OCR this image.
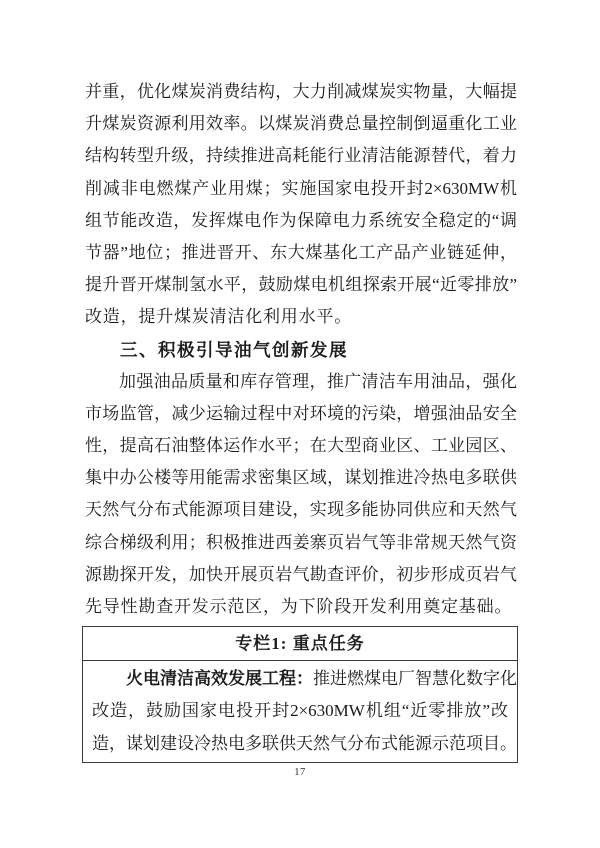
并重，优化煤炭消费结构，大力削减煤炭实物量，大幅提
升煤炭资源利用效率。以煤炭消费总量控制倒逼重化工业
结构转型升级，持续推进高耗能行业清洁能源替代，着力
削减非电燃煤产业用煤；实施国家电投开封2×630MW机
组节能改造，发挥煤电作为保障电力系统安全稳定的“调
节器”地位；推进晋开、东大煤基化工产品产业链延伸，
提升晋开煤制氢水平，鼓励煤电机组探索开展“近零排放”
改造，提升煤炭清洁化利用水平。
三、积极引导油气创新发展
加强油品质量和库存管理，推广清洁车用油品，强化
市场监管，减少运输过程中对环境的污染，增强油品安全
性，提高石油整体运作水平；在大型商业区、工业园区、
集中办公楼等用能需求密集区域，谋划推进冷热电多联供
天然气分布式能源项目建设，实现多能协同供应和天然气
综合梯级利用；积极推进西姜寨页岩气等非常规天然气资
源勘探开发，加快开展页岩气勘查评价，初步形成页岩气
先导性勘查开发示范区，为下阶段开发利用奠定基础。
专栏1: 重点任务
火电清洁高效发展工程：推进燃煤电厂智慧化数字化
改造，鼓励国家电投开封2×630MW机组“近零排放”改
造，谋划建设冷热电多联供天然气分布式能源示范项目。
17
